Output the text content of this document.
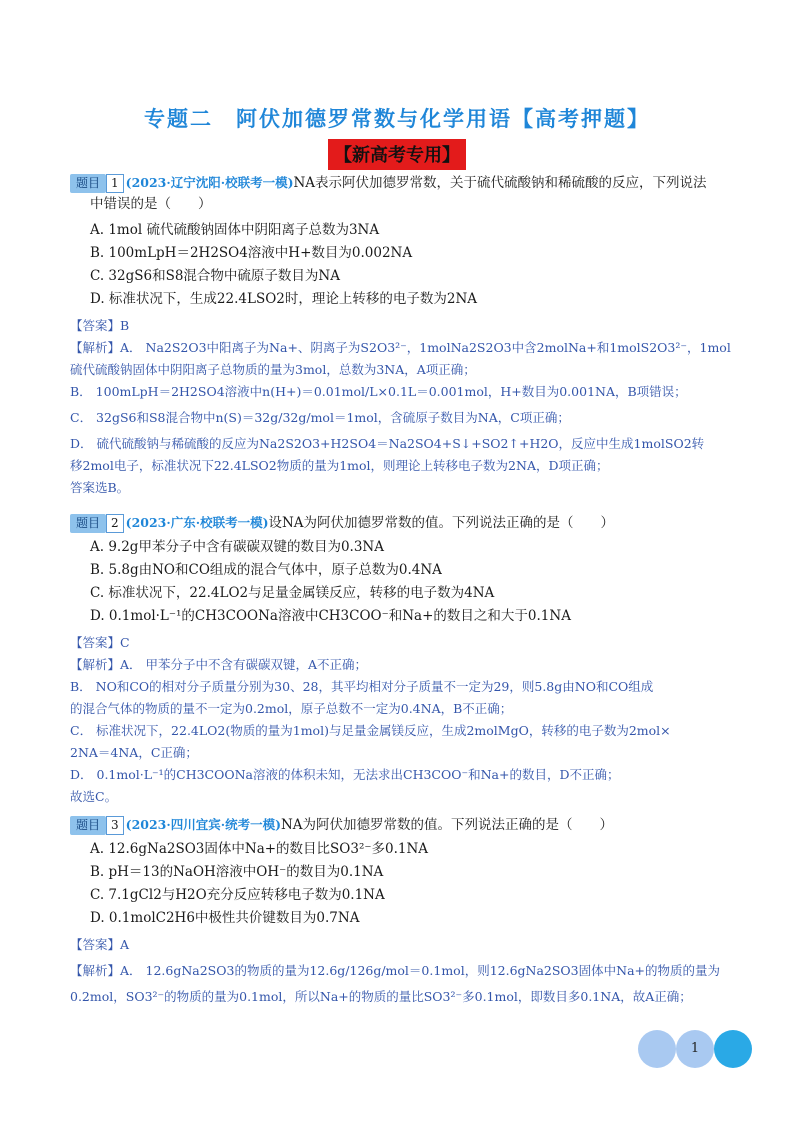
专题二　阿伏加德罗常数与化学用语【高考押题】
【新高考专用】
题目 1 (2023·辽宁沈阳·校联考一模)NA表示阿伏加德罗常数，关于硫代硫酸钠和稀硫酸的反应，下列说法
中错误的是（　　）
A. 1mol 硫代硫酸钠固体中阴阳离子总数为3NA
B. 100mLpH＝2H2SO4溶液中H+数目为0.002NA
C. 32gS6和S8混合物中硫原子数目为NA
D. 标准状况下，生成22.4LSO2时，理论上转移的电子数为2NA
【答案】B
【解析】A． Na2S2O3中阳离子为Na+、阴离子为S2O3²⁻，1molNa2S2O3中含2molNa+和1molS2O3²⁻，1mol
硫代硫酸钠固体中阴阳离子总物质的量为3mol，总数为3NA，A项正确；
B． 100mLpH＝2H2SO4溶液中n(H+)＝0.01mol/L×0.1L＝0.001mol，H+数目为0.001NA，B项错误；
C． 32gS6和S8混合物中n(S)＝32g/32g/mol＝1mol，含硫原子数目为NA，C项正确；
D． 硫代硫酸钠与稀硫酸的反应为Na2S2O3+H2SO4＝Na2SO4+S↓+SO2↑+H2O，反应中生成1molSO2转
移2mol电子，标准状况下22.4LSO2物质的量为1mol，则理论上转移电子数为2NA，D项正确；
答案选B。
题目 2 (2023·广东·校联考一模)设NA为阿伏加德罗常数的值。下列说法正确的是（　　）
A. 9.2g甲苯分子中含有碳碳双键的数目为0.3NA
B. 5.8g由NO和CO组成的混合气体中，原子总数为0.4NA
C. 标准状况下，22.4LO2与足量金属镁反应，转移的电子数为4NA
D. 0.1mol·L⁻¹的CH3COONa溶液中CH3COO⁻和Na+的数目之和大于0.1NA
【答案】C
【解析】A． 甲苯分子中不含有碳碳双键，A不正确；
B． NO和CO的相对分子质量分别为30、28，其平均相对分子质量不一定为29，则5.8g由NO和CO组成
的混合气体的物质的量不一定为0.2mol，原子总数不一定为0.4NA，B不正确；
C． 标准状况下，22.4LO2(物质的量为1mol)与足量金属镁反应，生成2molMgO，转移的电子数为2mol×
2NA＝4NA，C正确；
D． 0.1mol·L⁻¹的CH3COONa溶液的体积未知，无法求出CH3COO⁻和Na+的数目，D不正确；
故选C。
题目 3 (2023·四川宜宾·统考一模)NA为阿伏加德罗常数的值。下列说法正确的是（　　）
A. 12.6gNa2SO3固体中Na+的数目比SO3²⁻多0.1NA
B. pH＝13的NaOH溶液中OH⁻的数目为0.1NA
C. 7.1gCl2与H2O充分反应转移电子数为0.1NA
D. 0.1molC2H6中极性共价键数目为0.7NA
【答案】A
【解析】A． 12.6gNa2SO3的物质的量为12.6g/126g/mol＝0.1mol，则12.6gNa2SO3固体中Na+的物质的量为
0.2mol，SO3²⁻的物质的量为0.1mol，所以Na+的物质的量比SO3²⁻多0.1mol，即数目多0.1NA，故A正确；
1
